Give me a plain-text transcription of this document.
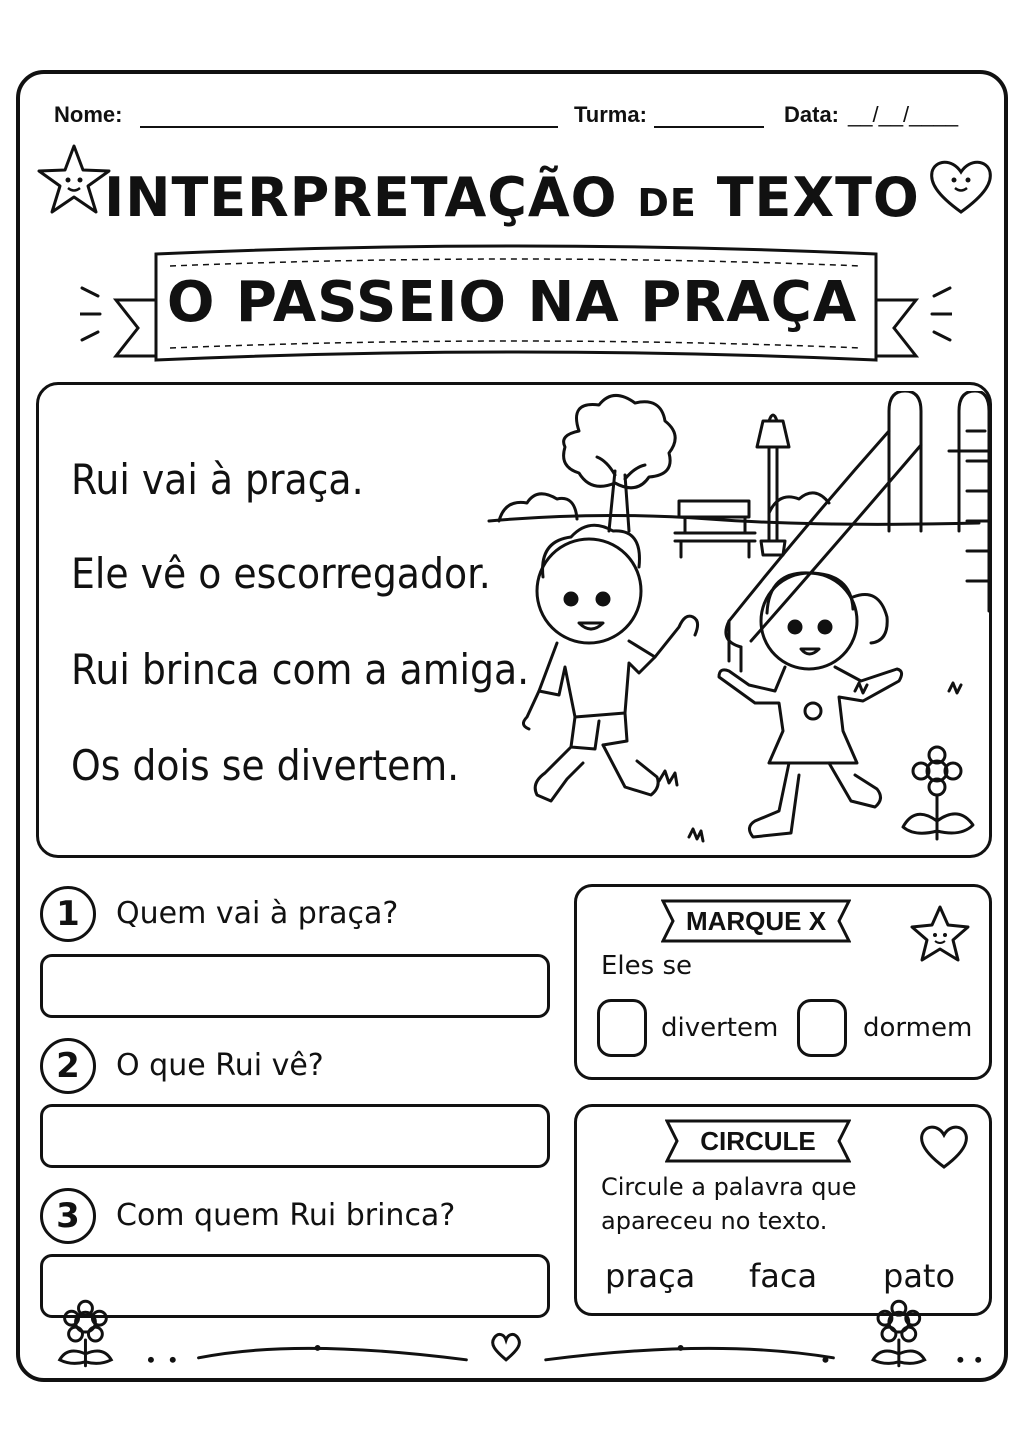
Nome:	Turma:	Data: __/__/____
INTERPRETAÇÃO DE TEXTO
O PASSEIO NA PRAÇA
Rui vai à praça.
Ele vê o escorregador.
Rui brinca com a amiga.
Os dois se divertem.
1	Quem vai à praça?
2	O que Rui vê?
3	Com quem Rui brinca?
MARQUE X
Eles se
divertem	dormem
CIRCULE
Circule a palavra que
apareceu no texto.
praça faca pato
